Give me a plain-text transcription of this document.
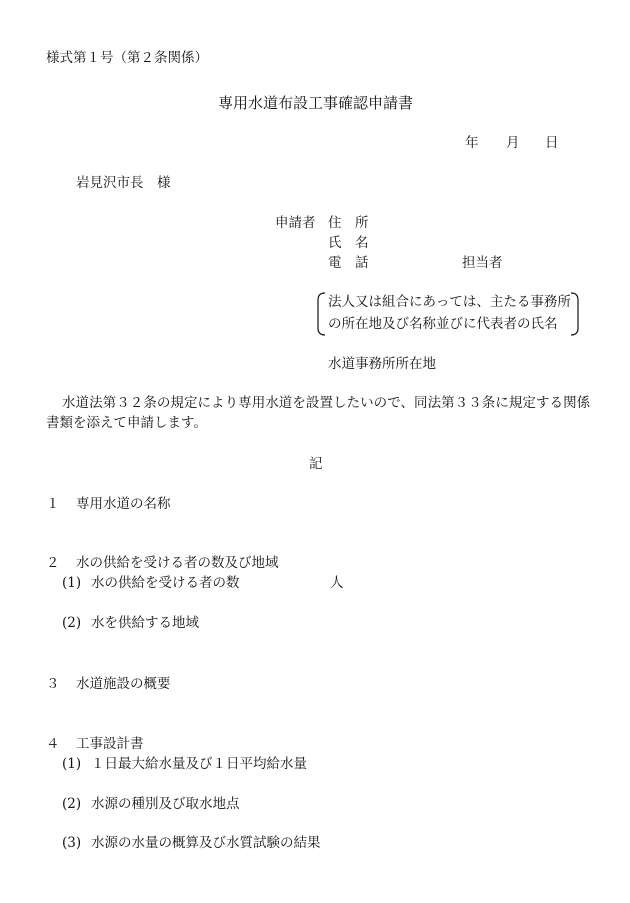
様式第１号（第２条関係）
専用水道布設工事確認申請書
年 月 日
岩見沢市長　様
申請者 住　所
氏　名
電　話	担当者
法人又は組合にあっては、主たる事務所
の所在地及び名称並びに代表者の氏名
水道事務所所在地
水道法第３２条の規定により専用水道を設置したいので、同法第３３条に規定する関係
書類を添えて申請します。
記
１ 専用水道の名称
２ 水の供給を受ける者の数及び地域
(1) 水の供給を受ける者の数	人
(2) 水を供給する地域
３ 水道施設の概要
４ 工事設計書
(1) １日最大給水量及び１日平均給水量
(2) 水源の種別及び取水地点
(3) 水源の水量の概算及び水質試験の結果
